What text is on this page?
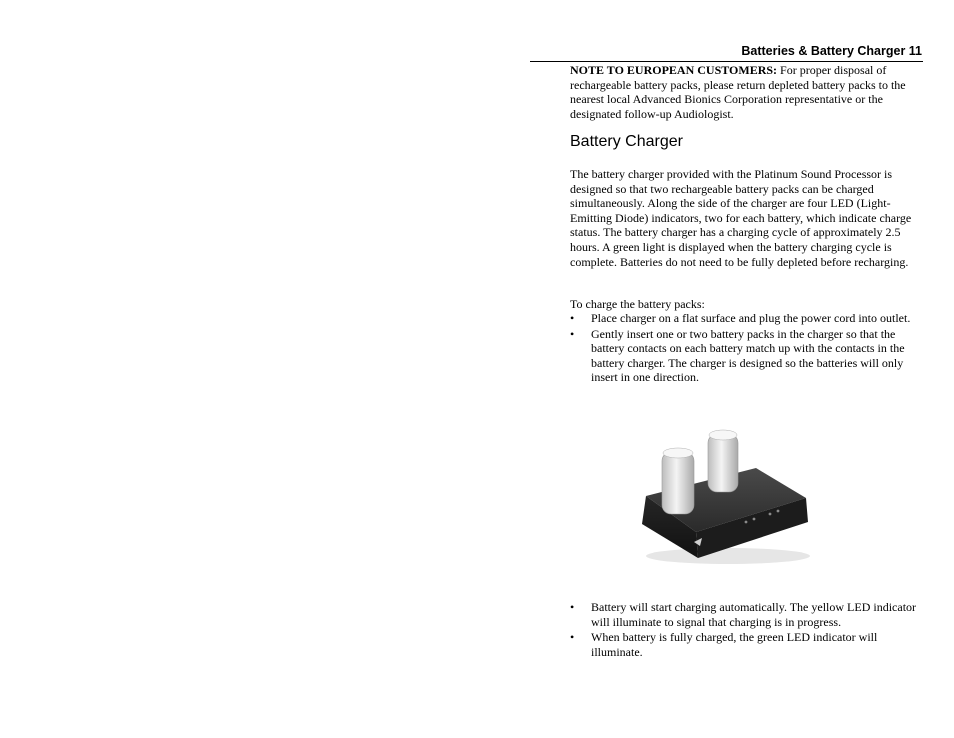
Batteries & Battery Charger 11
NOTE TO EUROPEAN CUSTOMERS: For proper disposal of rechargeable battery packs, please return depleted battery packs to the nearest local Advanced Bionics Corporation representative or the designated follow-up Audiologist.
Battery Charger
The battery charger provided with the Platinum Sound Processor is designed so that two rechargeable battery packs can be charged simultaneously. Along the side of the charger are four LED (Light-Emitting Diode) indicators, two for each battery, which indicate charge status. The battery charger has a charging cycle of approximately 2.5 hours. A green light is displayed when the battery charging cycle is complete. Batteries do not need to be fully depleted before recharging.
To charge the battery packs:
•	Place charger on a flat surface and plug the power cord into outlet.
•	Gently insert one or two battery packs in the charger so that the battery contacts on each battery match up with the contacts in the battery charger. The charger is designed so the batteries will only insert in one direction.
•	Battery will start charging automatically. The yellow LED indicator will illuminate to signal that charging is in progress.
•	When battery is fully charged, the green LED indicator will illuminate.
